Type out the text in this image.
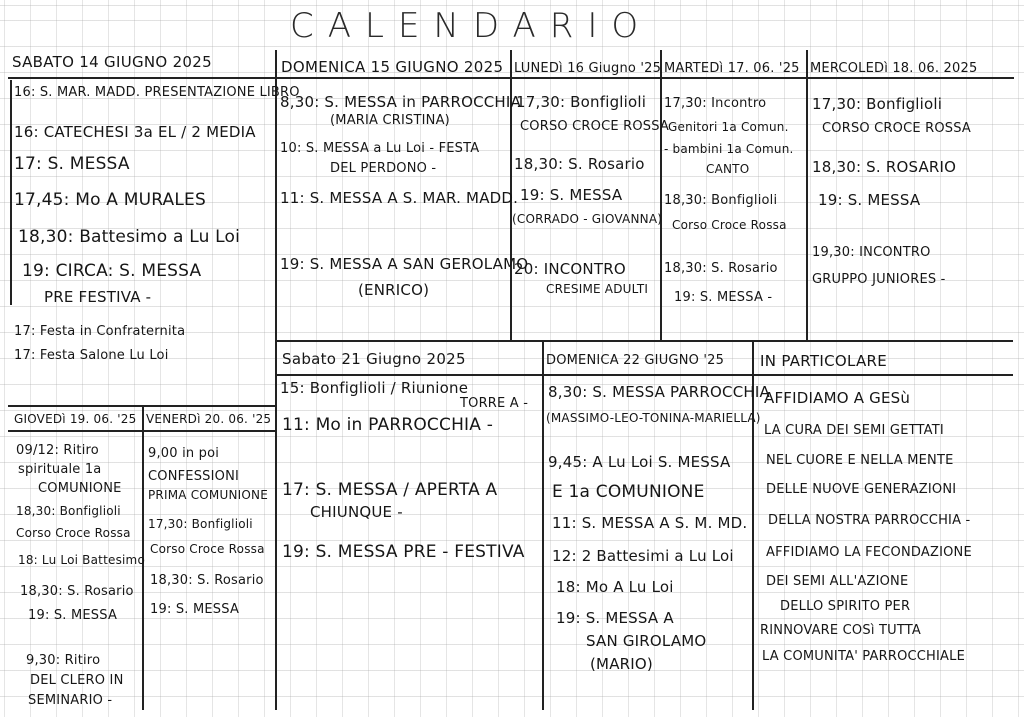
CALENDARIO
SABATO 14 GIUGNO 2025
16: S. MAR. MADD. PRESENTAZIONE LIBRO
16: CATECHESI 3a EL / 2 MEDIA
17: S. MESSA
17,45: Mo A MURALES
18,30: Battesimo a Lu Loi
19: CIRCA: S. MESSA
PRE FESTIVA -
17: Festa in Confraternita
17: Festa Salone Lu Loi
DOMENICA 15 GIUGNO 2025
8,30: S. MESSA in PARROCCHIA
(MARIA CRISTINA)
10: S. MESSA a Lu Loi - FESTA
DEL PERDONO -
11: S. MESSA A S. MAR. MADD.
19: S. MESSA A SAN GEROLAMO
(ENRICO)
LUNEDì 16 Giugno '25
17,30: Bonfiglioli
CORSO CROCE ROSSA
18,30: S. Rosario
19: S. MESSA
(CORRADO - GIOVANNA)
20: INCONTRO
CRESIME ADULTI
MARTEDì 17. 06. '25
17,30: Incontro
Genitori 1a Comun.
- bambini 1a Comun.
CANTO
18,30: Bonfiglioli
Corso Croce Rossa
18,30: S. Rosario
19: S. MESSA -
MERCOLEDì 18. 06. 2025
17,30: Bonfiglioli
CORSO CROCE ROSSA
18,30: S. ROSARIO
19: S. MESSA
19,30: INCONTRO
GRUPPO JUNIORES -
GIOVEDì 19. 06. '25
09/12: Ritiro
spirituale 1a
COMUNIONE
18,30: Bonfiglioli
Corso Croce Rossa
18: Lu Loi Battesimo
18,30: S. Rosario
19: S. MESSA
9,30: Ritiro
DEL CLERO IN
SEMINARIO -
VENERDì 20. 06. '25
9,00 in poi
CONFESSIONI
PRIMA COMUNIONE
17,30: Bonfiglioli
Corso Croce Rossa
18,30: S. Rosario
19: S. MESSA
Sabato 21 Giugno 2025
15: Bonfiglioli / Riunione
TORRE A -
11: Mo in PARROCCHIA -
17: S. MESSA / APERTA A
CHIUNQUE -
19: S. MESSA PRE - FESTIVA
DOMENICA 22 GIUGNO '25
8,30: S. MESSA PARROCCHIA
(MASSIMO-LEO-TONINA-MARIELLA)
9,45: A Lu Loi S. MESSA
E 1a COMUNIONE
11: S. MESSA A S. M. MD.
12: 2 Battesimi a Lu Loi
18: Mo A Lu Loi
19: S. MESSA A
SAN GIROLAMO
(MARIO)
IN PARTICOLARE
AFFIDIAMO A GESù
LA CURA DEI SEMI GETTATI
NEL CUORE E NELLA MENTE
DELLE NUOVE GENERAZIONI
DELLA NOSTRA PARROCCHIA -
AFFIDIAMO LA FECONDAZIONE
DEI SEMI ALL'AZIONE
DELLO SPIRITO PER
RINNOVARE COSì TUTTA
LA COMUNITA' PARROCCHIALE
